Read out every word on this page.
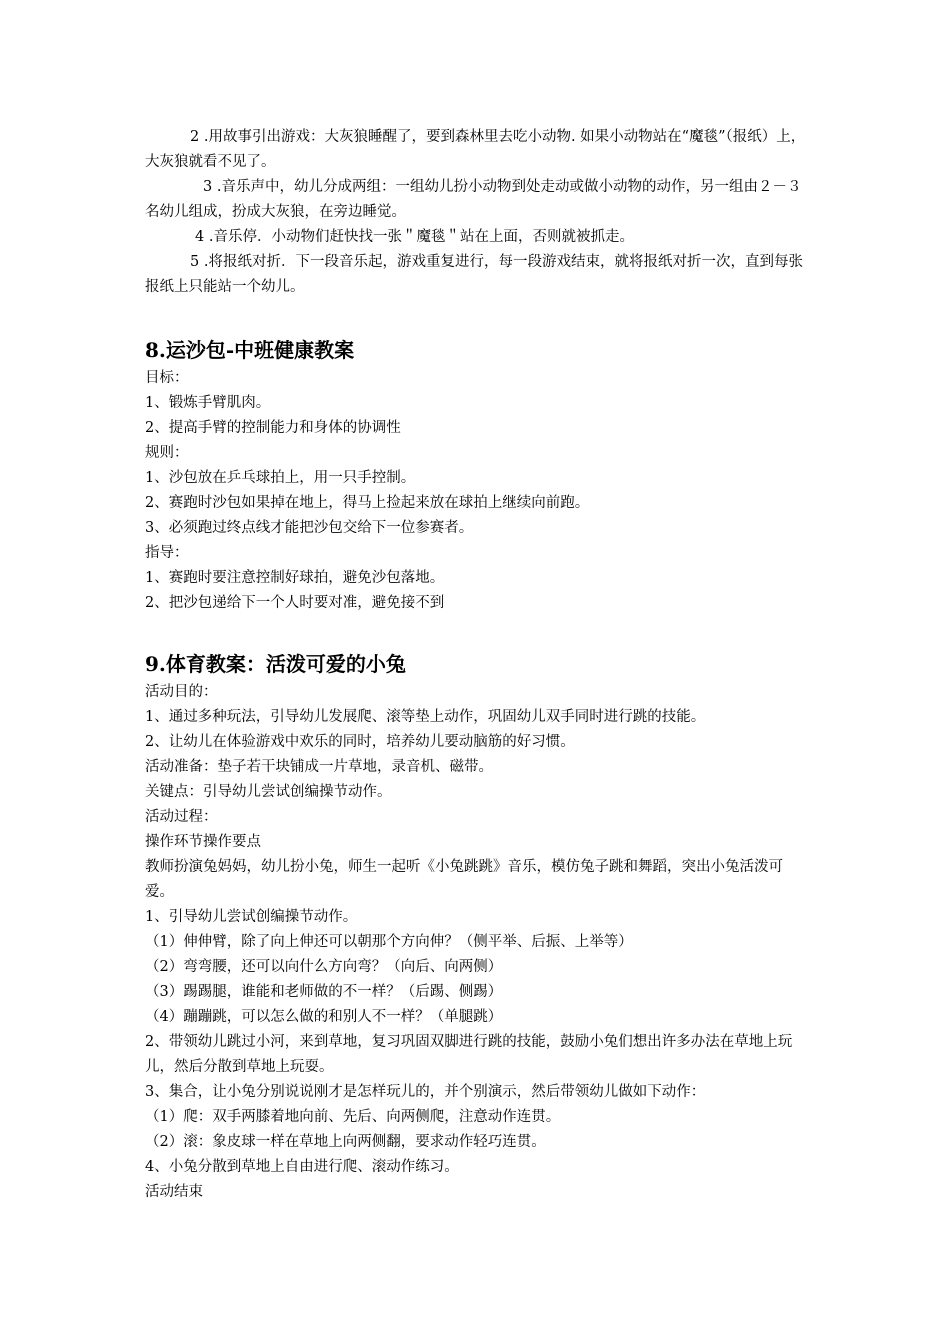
2 .用故事引出游戏：大灰狼睡醒了，要到森林里去吃小动物. 如果小动物站在“魔毯”（报纸）上，大灰狼就看不见了。
3 .音乐声中，幼儿分成两组：一组幼儿扮小动物到处走动或做小动物的动作，另一组由２－３名幼儿组成，扮成大灰狼，在旁边睡觉。
4 .音乐停．小动物们赶快找一张＂魔毯＂站在上面，否则就被抓走。
5 .将报纸对折．下一段音乐起，游戏重复进行，每一段游戏结束，就将报纸对折一次，直到每张报纸上只能站一个幼儿。
8.运沙包-中班健康教案
目标：
1、锻炼手臂肌肉。
2、提高手臂的控制能力和身体的协调性
规则：
1、沙包放在乒乓球拍上，用一只手控制。
2、赛跑时沙包如果掉在地上，得马上捡起来放在球拍上继续向前跑。
3、必须跑过终点线才能把沙包交给下一位参赛者。
指导：
1、赛跑时要注意控制好球拍，避免沙包落地。
2、把沙包递给下一个人时要对准，避免接不到
9.体育教案：活泼可爱的小兔
活动目的：
1、通过多种玩法，引导幼儿发展爬、滚等垫上动作，巩固幼儿双手同时进行跳的技能。
2、让幼儿在体验游戏中欢乐的同时，培养幼儿要动脑筋的好习惯。
活动准备：垫子若干块铺成一片草地，录音机、磁带。
关键点：引导幼儿尝试创编操节动作。
活动过程：
操作环节操作要点
教师扮演兔妈妈，幼儿扮小兔，师生一起听《小兔跳跳》音乐，模仿兔子跳和舞蹈，突出小兔活泼可爱。
1、引导幼儿尝试创编操节动作。
（1）伸伸臂，除了向上伸还可以朝那个方向伸？（侧平举、后振、上举等）
（2）弯弯腰，还可以向什么方向弯？（向后、向两侧）
（3）踢踢腿，谁能和老师做的不一样？（后踢、侧踢）
（4）蹦蹦跳，可以怎么做的和别人不一样？（单腿跳）
2、带领幼儿跳过小河，来到草地，复习巩固双脚进行跳的技能，鼓励小兔们想出许多办法在草地上玩儿，然后分散到草地上玩耍。
3、集合，让小兔分别说说刚才是怎样玩儿的，并个别演示，然后带领幼儿做如下动作：
（1）爬：双手两膝着地向前、先后、向两侧爬，注意动作连贯。
（2）滚：象皮球一样在草地上向两侧翻，要求动作轻巧连贯。
4、小兔分散到草地上自由进行爬、滚动作练习。
活动结束
